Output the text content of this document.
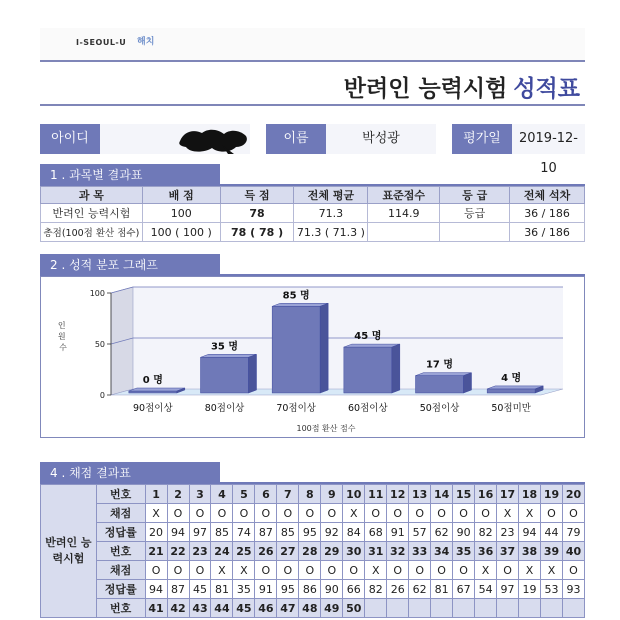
I-SEOUL-U 해치
반려인 능력시험 성적표
아이디	이름	박성광	평가일	2019-12-10
1 . 과목별 결과표
과 목	배 점	득 점	전체 평균	표준점수	등 급	전체 석차
반려인 능력시험	100	78	71.3	114.9	등급	36 / 186
총점(100점 환산 점수)	100 ( 100 )	78 ( 78 )	71.3 ( 71.3 )			36 / 186
2 . 성적 분포 그래프
0
50
100
90점이상	80점이상	70점이상	60점이상	50점이상	50점미만
0 명
35 명
85 명
45 명
17 명
4 명
인 원 수
100점 환산 점수
4 . 채점 결과표
반려인 능력시험	번호	1	2	3	4	5	6	7	8	9	10	11	12	13	14	15	16	17	18	19	20
	채점	X	O	O	O	O	O	O	O	O	X	O	O	O	O	O	O	X	X	O	O
	정답률	20	94	97	85	74	87	85	95	92	84	68	91	57	62	90	82	23	94	44	79
	번호	21	22	23	24	25	26	27	28	29	30	31	32	33	34	35	36	37	38	39	40
	채점	O	O	O	X	X	O	O	O	O	O	X	O	O	O	O	X	O	X	X	O
	정답률	94	87	45	81	35	91	95	86	90	66	82	26	62	81	67	54	97	19	53	93
	번호	41	42	43	44	45	46	47	48	49	50										
